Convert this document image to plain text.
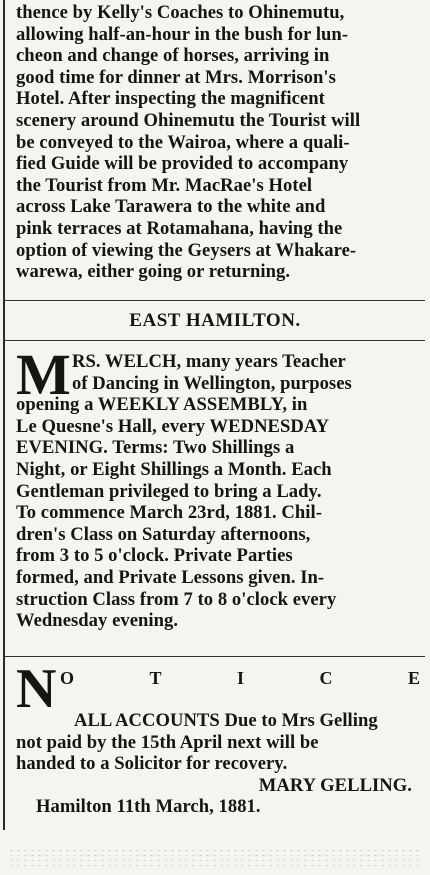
thence by Kelly's Coaches to Ohinemutu,
allowing half-an-hour in the bush for lun-
cheon and change of horses, arriving in
good time for dinner at Mrs. Morrison's
Hotel. After inspecting the magnificent
scenery around Ohinemutu the Tourist will
be conveyed to the Wairoa, where a quali-
fied Guide will be provided to accompany
the Tourist from Mr. MacRae's Hotel
across Lake Tarawera to the white and
pink terraces at Rotamahana, having the
option of viewing the Geysers at Whakare-
warewa, either going or returning.
EAST HAMILTON.
M RS. WELCH, many years Teacher
of Dancing in Wellington, purposes
opening a WEEKLY ASSEMBLY, in
Le Quesne's Hall, every WEDNESDAY
EVENING. Terms: Two Shillings a
Night, or Eight Shillings a Month. Each
Gentleman privileged to bring a Lady.
To commence March 23rd, 1881. Chil-
dren's Class on Saturday afternoons,
from 3 to 5 o'clock. Private Parties
formed, and Private Lessons given. In-
struction Class from 7 to 8 o'clock every
Wednesday evening.
N O	T	I	C	E
ALL ACCOUNTS Due to Mrs Gelling
not paid by the 15th April next will be
handed to a Solicitor for recovery.
MARY GELLING.
Hamilton 11th March, 1881.
